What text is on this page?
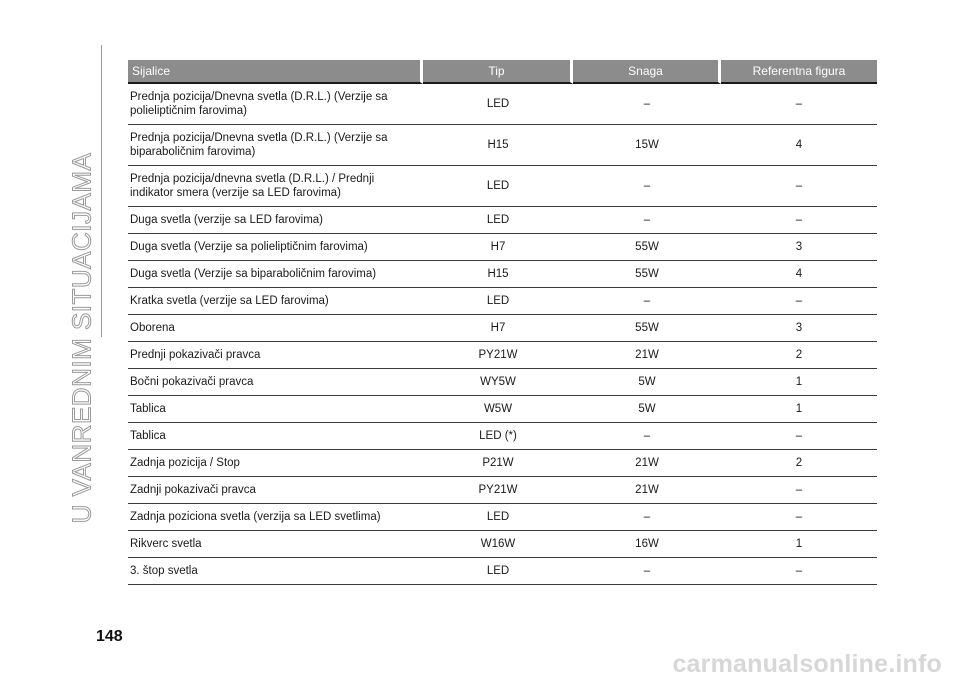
U VANREDNIM SITUACIJAMA
Sijalice	Tip	Snaga	Referentna figura
Prednja pozicija/Dnevna svetla (D.R.L.) (Verzije sa polieliptičnim farovima)	LED	–	–
Prednja pozicija/Dnevna svetla (D.R.L.) (Verzije sa biparaboličnim farovima)	H15	15W	4
Prednja pozicija/dnevna svetla (D.R.L.) / Prednji indikator smera (verzije sa LED farovima)	LED	–	–
Duga svetla (verzije sa LED farovima)	LED	–	–
Duga svetla (Verzije sa polieliptičnim farovima)	H7	55W	3
Duga svetla (Verzije sa biparaboličnim farovima)	H15	55W	4
Kratka svetla (verzije sa LED farovima)	LED	–	–
Oborena	H7	55W	3
Prednji pokazivači pravca	PY21W	21W	2
Bočni pokazivači pravca	WY5W	5W	1
Tablica	W5W	5W	1
Tablica	LED (*)	–	–
Zadnja pozicija / Stop	P21W	21W	2
Zadnji pokazivači pravca	PY21W	21W	–
Zadnja poziciona svetla (verzija sa LED svetlima)	LED	–	–
Rikverc svetla	W16W	16W	1
3. štop svetla	LED	–	–
148
carmanualsonline.info
